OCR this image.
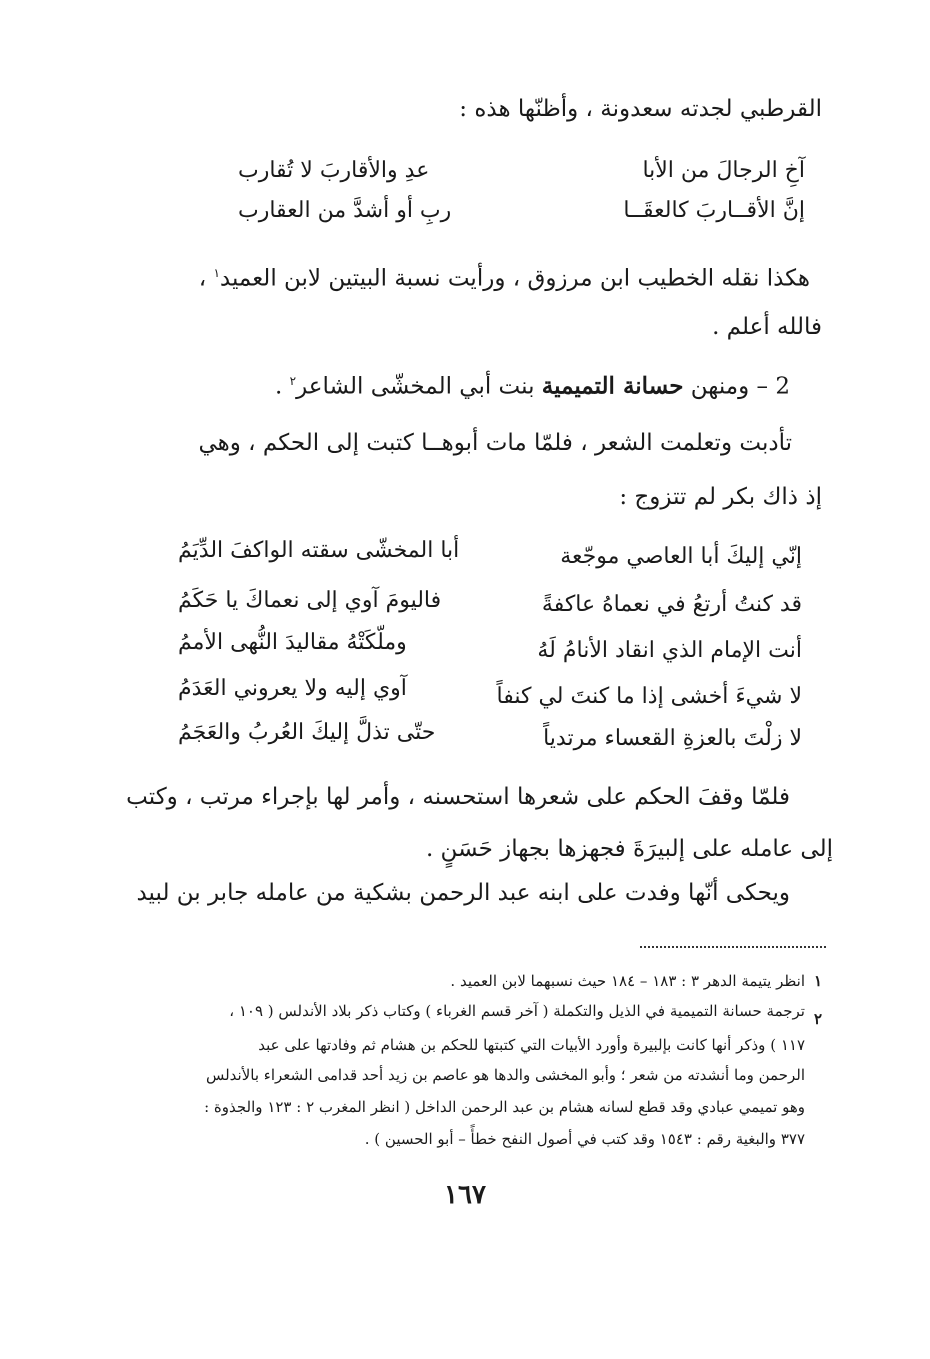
القرطبي لجدته سعدونة ، وأظنّها هذه :
آخِ الرجالَ من الأبا
عدِ والأقاربَ لا تُقارب
إنَّ الأقــاربَ كالعقَــا
ربِ أو أشدَّ من العقارب
هكذا نقله الخطيب ابن مرزوق ، ورأيت نسبة البيتين لابن العميد$^١$ ،
فالله أعلم .
2 – ومنهن حسانة التميمية بنت أبي المخشّى الشاعر$^٢$ .
تأدبت وتعلمت الشعر ، فلمّا مات أبوهــا كتبت إلى الحكم ، وهي
إذ ذاك بكر لم تتزوج :
إنّي إليكَ أبا العاصي موجّعة
أبا المخشّى سقته الواكفَ الدِّيَمُ
قد كنتُ أرتعُ في نعماهُ عاكفةً
فاليومَ آوي إلى نعماكَ يا حَكَمُ
أنت الإمام الذي انقاد الأنامُ لَهُ
وملّكَتْهُ مقاليدَ النُّهى الأممُ
لا شيءَ أخشى إذا ما كنتَ لي كنفاً
آوي إليه ولا يعروني العَدَمُ
لا زلْتَ بالعزةِ القعساء مرتدياً
حتّى تذلَّ إليكَ العُربُ والعَجَمُ
فلمّا وقفَ الحكم على شعرها استحسنه ، وأمر لها بإجراء مرتب ، وكتب
إلى عامله على إلبيرَةَ فجهزها بجهاز حَسَنٍ .
ويحكى أنّها وفدت على ابنه عبد الرحمن بشكية من عامله جابر بن لبيد
١
انظر يتيمة الدهر ٣ : ١٨٣ – ١٨٤ حيث نسبهما لابن العميد .
٢
ترجمة حسانة التميمية في الذيل والتكملة ( آخر قسم الغرباء ) وكتاب ذكر بلاد الأندلس ( ١٠٩ ،
١١٧ ) وذكر أنها كانت بإلبيرة وأورد الأبيات التي كتبتها للحكم بن هشام ثم وفادتها على عبد
الرحمن وما أنشدته من شعر ؛ وأبو المخشى والدها هو عاصم بن زيد أحد قدامى الشعراء بالأندلس
وهو تميمي عبادي وقد قطع لسانه هشام بن عبد الرحمن الداخل ( انظر المغرب ٢ : ١٢٣ والجذوة :
٣٧٧ والبغية رقم : ١٥٤٣ وقد كتب في أصول النفح خطأً – أبو الحسين ) .
١٦٧
